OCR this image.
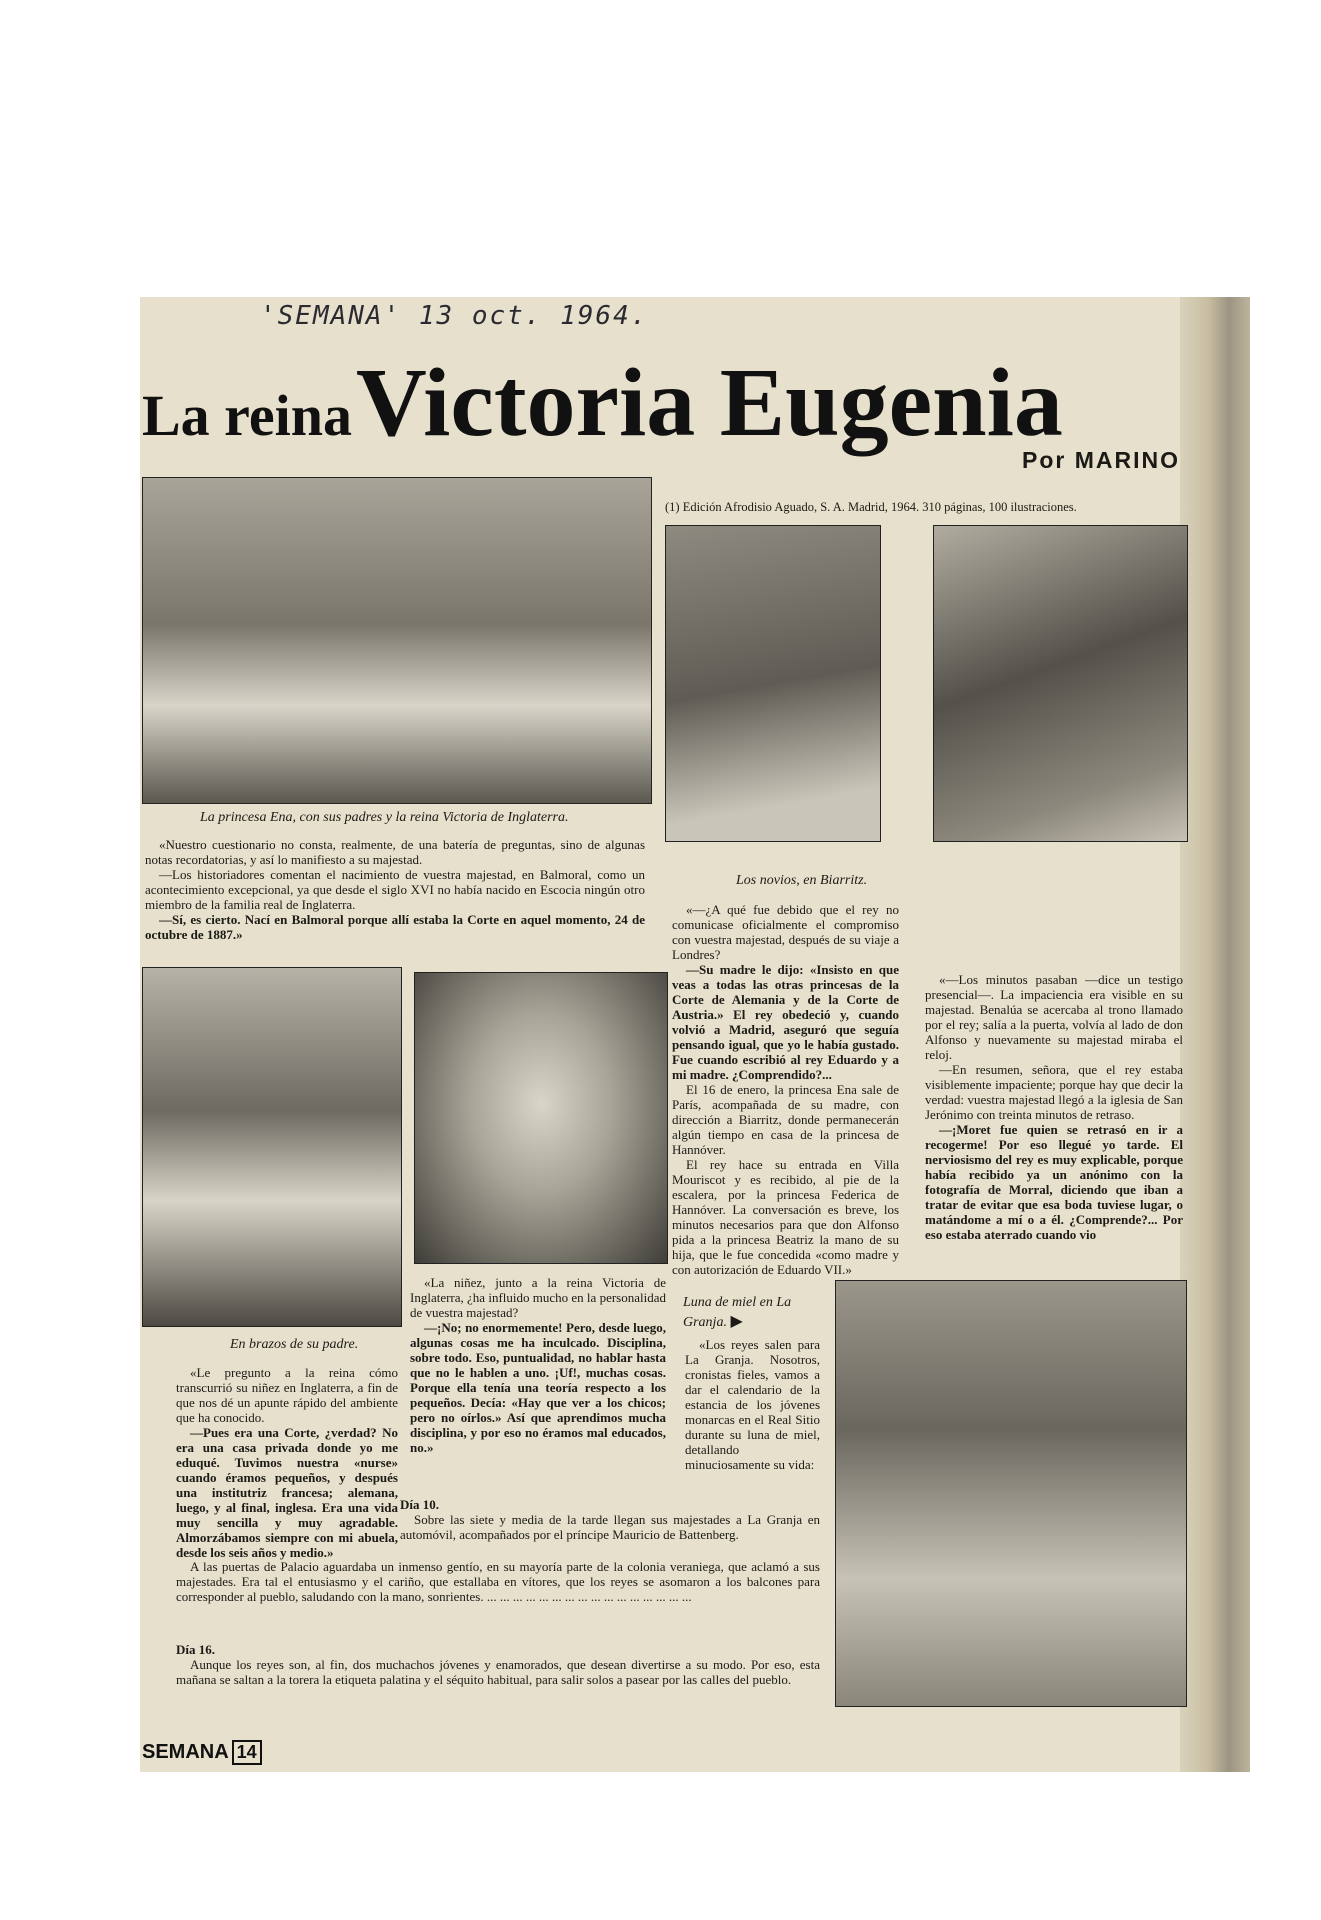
'SEMANA' 13 oct. 1964.
La reina Victoria Eugenia
Por MARINO
(1) Edición Afrodisio Aguado, S. A. Madrid, 1964. 310 páginas, 100 ilustraciones.
La princesa Ena, con sus padres y la reina Victoria de Inglaterra.
Los novios, en Biarritz.
En brazos de su padre.

«Nuestro cuestionario no consta, realmente, de una batería de preguntas, sino de algunas notas recordatorias, y así lo manifiesto a su majestad.

—Los historiadores comentan el nacimiento de vuestra majestad, en Balmoral, como un acontecimiento excepcional, ya que desde el siglo XVI no había nacido en Escocia ningún otro miembro de la familia real de Inglaterra.

—Sí, es cierto. Nací en Balmoral porque allí estaba la Corte en aquel momento, 24 de octubre de 1887.»

«—¿A qué fue debido que el rey no comunicase oficialmente el compromiso con vuestra majestad, después de su viaje a Londres?

—Su madre le dijo: «Insisto en que veas a todas las otras princesas de la Corte de Alemania y de la Corte de Austria.» El rey obedeció y, cuando volvió a Madrid, aseguró que seguía pensando igual, que yo le había gustado. Fue cuando escribió al rey Eduardo y a mi madre. ¿Comprendido?...

El 16 de enero, la princesa Ena sale de París, acompañada de su madre, con dirección a Biarritz, donde permanecerán algún tiempo en casa de la princesa de Hannóver.

El rey hace su entrada en Villa Mouriscot y es recibido, al pie de la escalera, por la princesa Federica de Hannóver. La conversación es breve, los minutos necesarios para que don Alfonso pida a la princesa Beatriz la mano de su hija, que le fue concedida «como madre y con autorización de Eduardo VII.»

«—Los minutos pasaban —dice un testigo presencial—. La impaciencia era visible en su majestad. Benalúa se acercaba al trono llamado por el rey; salía a la puerta, volvía al lado de don Alfonso y nuevamente su majestad miraba el reloj.

—En resumen, señora, que el rey estaba visiblemente impaciente; porque hay que decir la verdad: vuestra majestad llegó a la iglesia de San Jerónimo con treinta minutos de retraso.

—¡Moret fue quien se retrasó en ir a recogerme! Por eso llegué yo tarde. El nerviosismo del rey es muy explicable, porque había recibido ya un anónimo con la fotografía de Morral, diciendo que iban a tratar de evitar que esa boda tuviese lugar, o matándome a mí o a él. ¿Comprende?... Por eso estaba aterrado cuando vio

«Le pregunto a la reina cómo transcurrió su niñez en Inglaterra, a fin de que nos dé un apunte rápido del ambiente que ha conocido.

—Pues era una Corte, ¿verdad? No era una casa privada donde yo me eduqué. Tuvimos nuestra «nurse» cuando éramos pequeños, y después una institutriz francesa; alemana, luego, y al final, inglesa. Era una vida muy sencilla y muy agradable. Almorzábamos siempre con mi abuela, desde los seis años y medio.»

«La niñez, junto a la reina Victoria de Inglaterra, ¿ha influido mucho en la personalidad de vuestra majestad?

—¡No; no enormemente! Pero, desde luego, algunas cosas me ha inculcado. Disciplina, sobre todo. Eso, puntualidad, no hablar hasta que no le hablen a uno. ¡Uf!, muchas cosas. Porque ella tenía una teoría respecto a los pequeños. Decía: «Hay que ver a los chicos; pero no oírlos.» Así que aprendimos mucha disciplina, y por eso no éramos mal educados, no.»

Luna de miel en La Granja. ▶

«Los reyes salen para La Granja. Nosotros, cronistas fieles, vamos a dar el calendario de la estancia de los jóvenes monarcas en el Real Sitio durante su luna de miel, detallando minuciosamente su vida:

Día 10.

Sobre las siete y media de la tarde llegan sus majestades a La Granja en automóvil, acompañados por el príncipe Mauricio de Battenberg.

A las puertas de Palacio aguardaba un inmenso gentío, en su mayoría parte de la colonia veraniega, que aclamó a sus majestades. Era tal el entusiasmo y el cariño, que estallaba en vítores, que los reyes se asomaron a los balcones para corresponder al pueblo, saludando con la mano, sonrientes. ... ... ... ... ... ... ... ... ... ... ... ... ... ... ... ...

Día 16.

Aunque los reyes son, al fin, dos muchachos jóvenes y enamorados, que desean divertirse a su modo. Por eso, esta mañana se saltan a la torera la etiqueta palatina y el séquito habitual, para salir solos a pasear por las calles del pueblo.

SEMANA 14
